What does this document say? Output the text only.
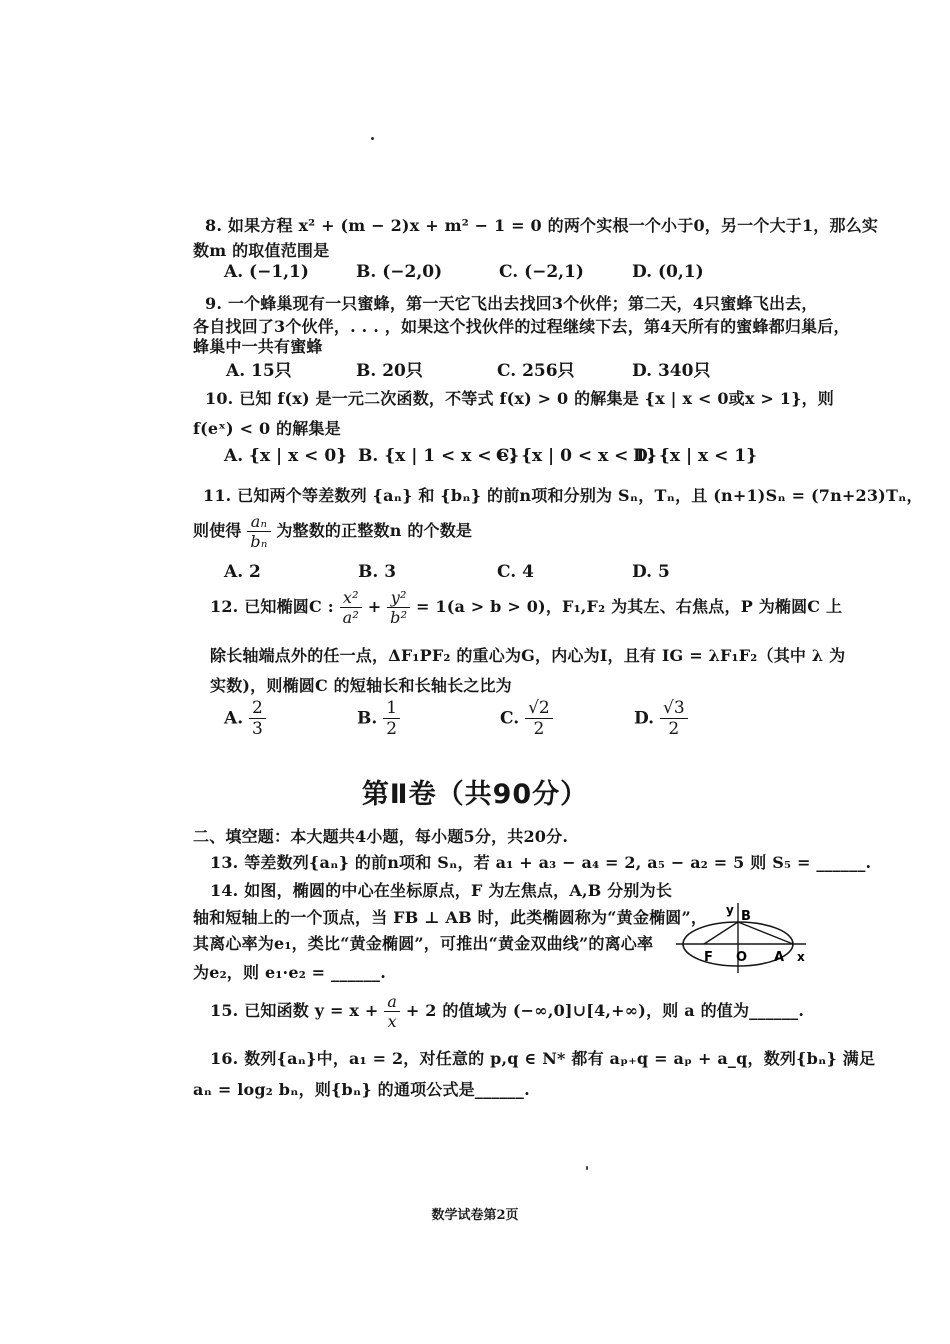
8. 如果方程 x² + (m − 2)x + m² − 1 = 0 的两个实根一个小于0，另一个大于1，那么实
数m 的取值范围是
A. (−1,1)	B. (−2,0)	C. (−2,1)	D. (0,1)
9. 一个蜂巢现有一只蜜蜂，第一天它飞出去找回3个伙伴；第二天，4只蜜蜂飞出去，
各自找回了3个伙伴，. . . ，如果这个找伙伴的过程继续下去，第4天所有的蜜蜂都归巢后，
蜂巢中一共有蜜蜂
A. 15只	B. 20只	C. 256只	D. 340只
10. 已知 f(x) 是一元二次函数，不等式 f(x) > 0 的解集是 {x | x < 0或x > 1}，则
f(eˣ) < 0 的解集是
A. {x | x < 0} B. {x | 1 < x < e}
C. {x | 0 < x < 1}
D. {x | x < 1}
11. 已知两个等差数列 {aₙ} 和 {bₙ} 的前n项和分别为 Sₙ，Tₙ，且 (n+1)Sₙ = (7n+23)Tₙ，
则使得 $\frac{\text{aₙ}}{\text{bₙ}}$ 为整数的正整数n 的个数是
A. 2	B. 3	C. 4	D. 5
12. 已知椭圆C : $\frac{\text{x²}}{\text{a²}} + \frac{\text{y²}}{\text{b²}} = 1(a > b > 0)$，F₁,F₂ 为其左、右焦点，P 为椭圆C 上
除长轴端点外的任一点，ΔF₁PF₂ 的重心为G，内心为I，且有 IG = λF₁F₂（其中 λ 为
实数)，则椭圆C 的短轴长和长轴长之比为
A. $\frac{2}{3}$	B. $\frac{1}{2}$	C. $\frac{√2}{2}$	D. $\frac{√3}{2}$
第Ⅱ卷（共90分）
二、填空题：本大题共4小题，每小题5分，共20分.
13. 等差数列{aₙ} 的前n项和 Sₙ，若 a₁ + a₃ − a₄ = 2, a₅ − a₂ = 5 则 S₅ = ______.
14. 如图，椭圆的中心在坐标原点，F 为左焦点，A,B 分别为长
轴和短轴上的一个顶点，当 FB ⊥ AB 时，此类椭圆称为“黄金椭圆”，
其离心率为e₁，类比“黄金椭圆”，可推出“黄金双曲线”的离心率
为e₂，则 e₁·e₂ = ______.
y B
F O A x
15. 已知函数 $y = x + \frac{a}{x} + 2$ 的值域为 (−∞,0]∪[4,+∞)，则 a 的值为______.
16. 数列{aₙ}中，a₁ = 2，对任意的 p,q ∈ N* 都有 aₚ₊q = aₚ + a_q，数列{bₙ} 满足
aₙ = log₂ bₙ，则{bₙ} 的通项公式是______.
数学试卷第2页
